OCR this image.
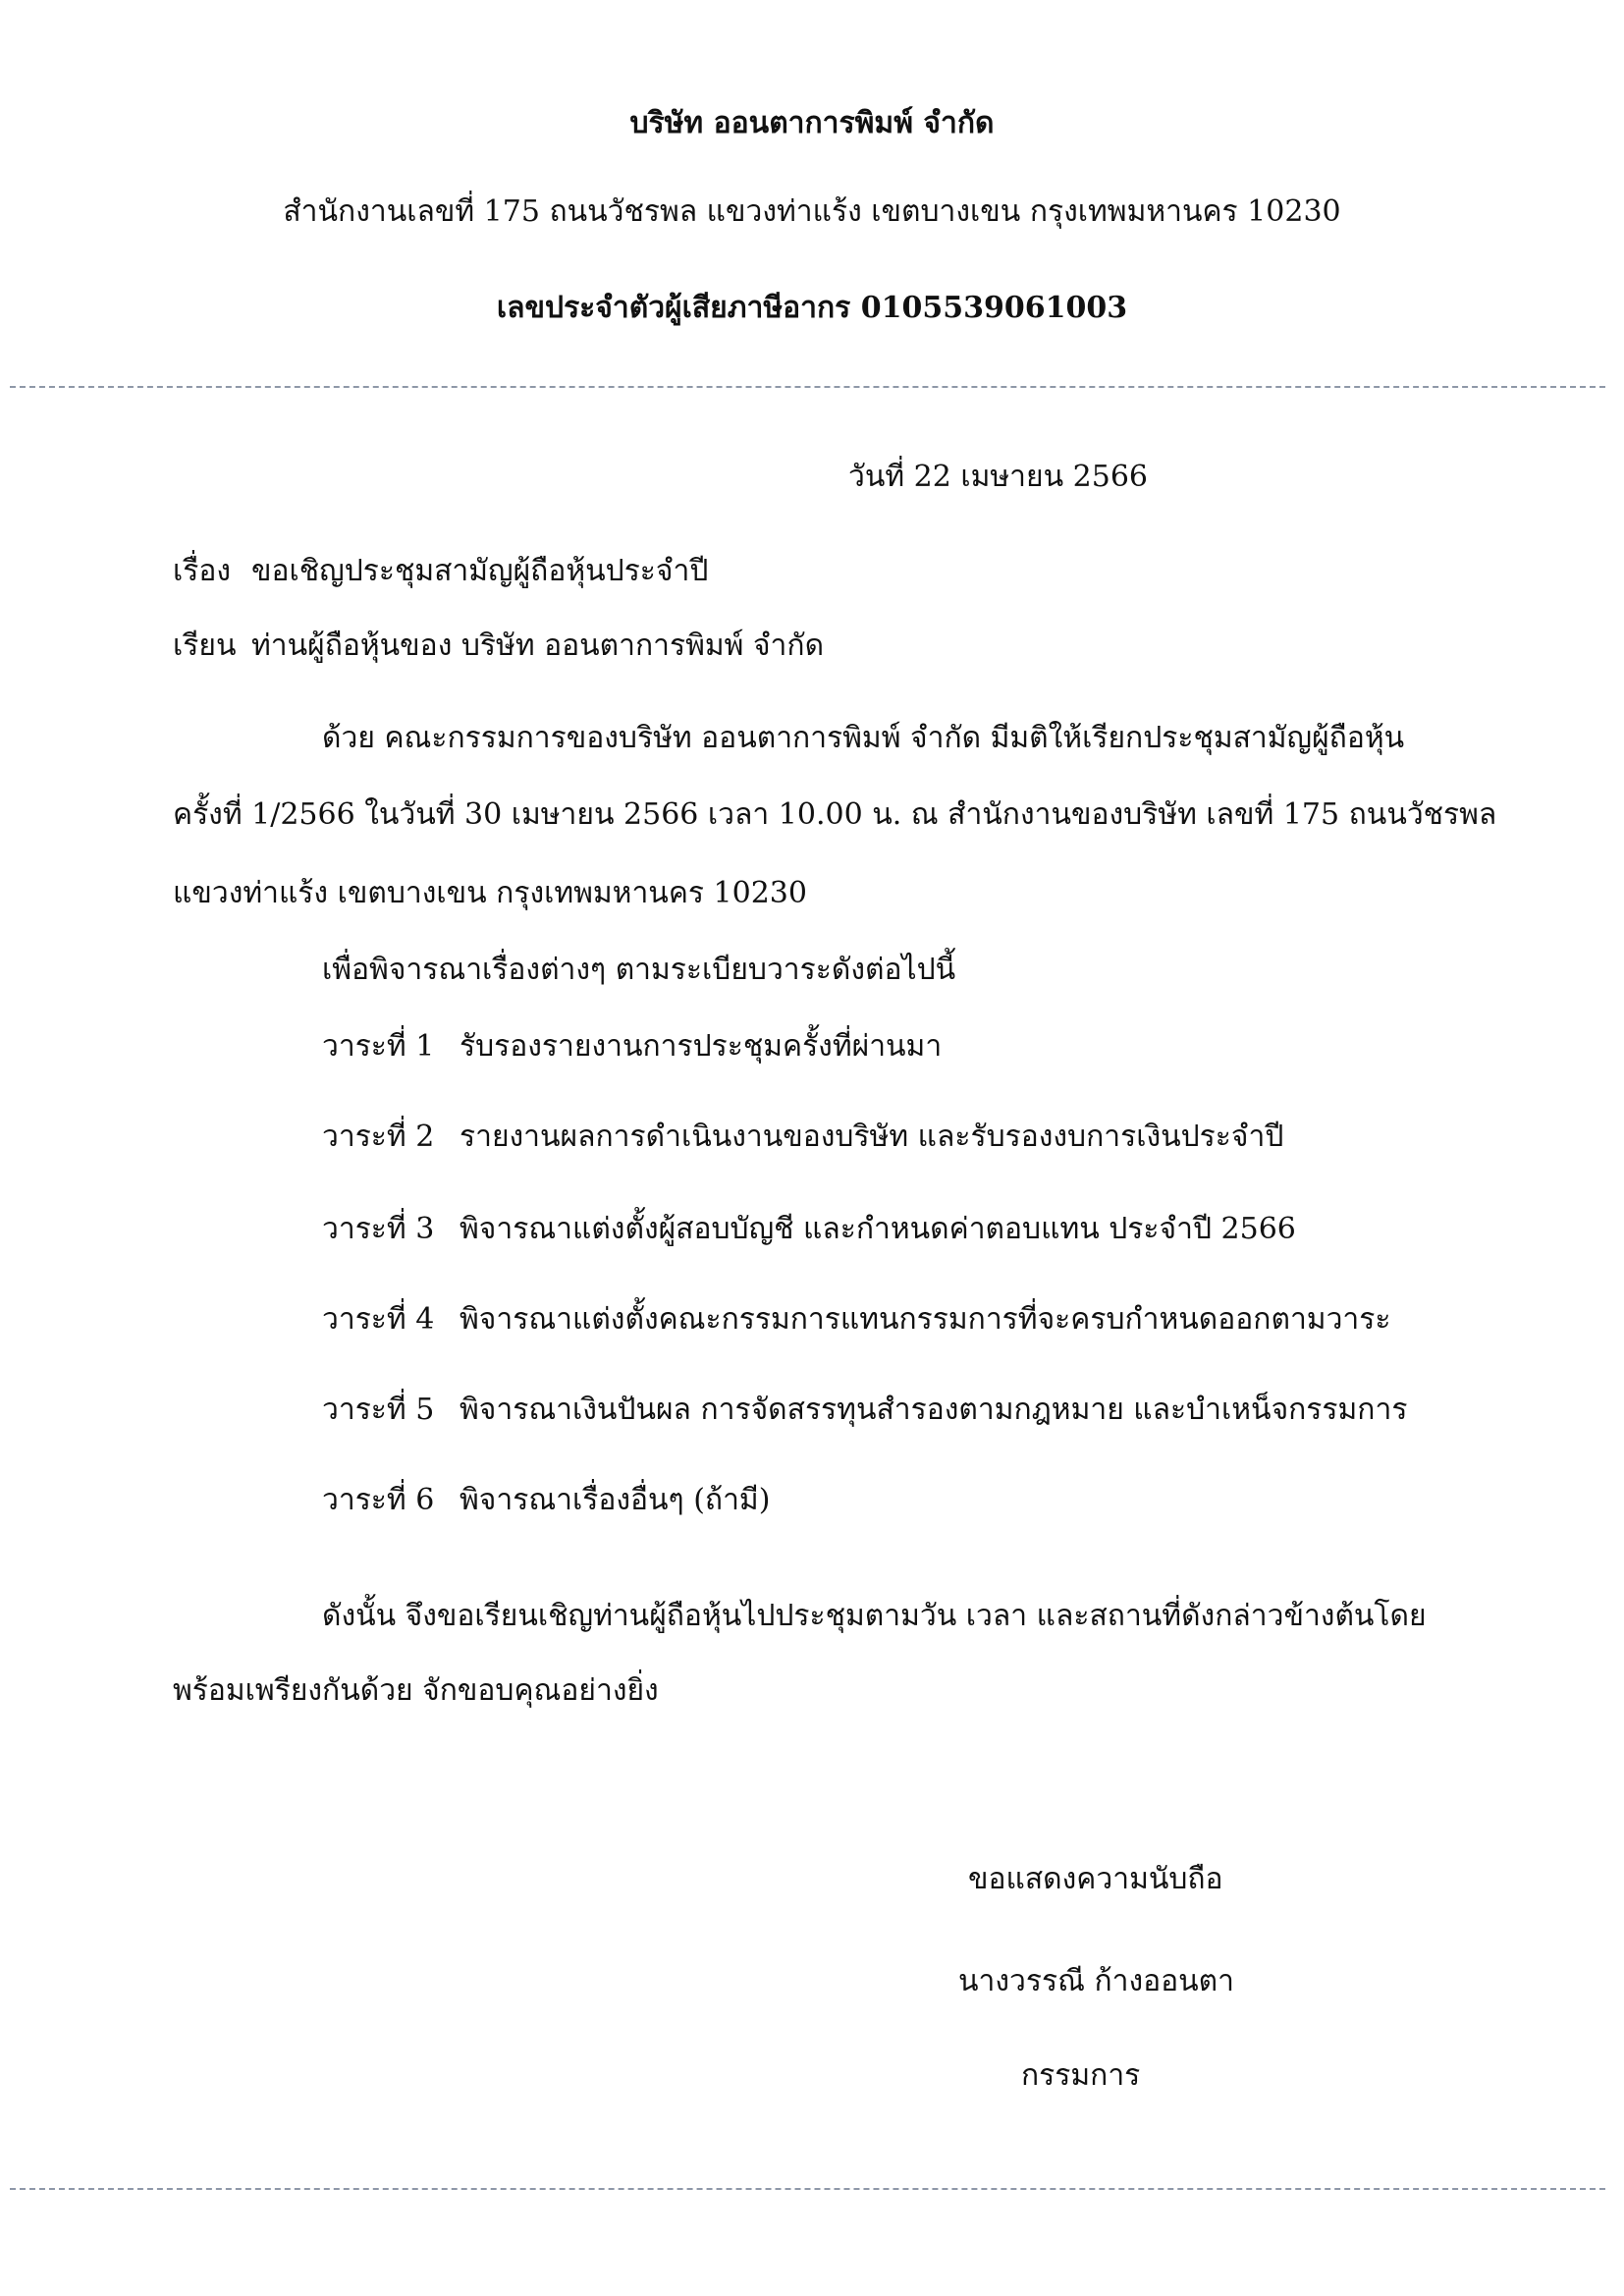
บริษัท ออนตาการพิมพ์ จำกัด
สำนักงานเลขที่ 175 ถนนวัชรพล แขวงท่าแร้ง เขตบางเขน กรุงเทพมหานคร 10230
เลขประจำตัวผู้เสียภาษีอากร 0105539061003
วันที่ 22 เมษายน 2566
เรื่อง ขอเชิญประชุมสามัญผู้ถือหุ้นประจำปี
เรียน ท่านผู้ถือหุ้นของ บริษัท ออนตาการพิมพ์ จำกัด
ด้วย คณะกรรมการของบริษัท ออนตาการพิมพ์ จำกัด มีมติให้เรียกประชุมสามัญผู้ถือหุ้น
ครั้งที่ 1/2566 ในวันที่ 30 เมษายน 2566 เวลา 10.00 น. ณ สำนักงานของบริษัท เลขที่ 175 ถนนวัชรพล
แขวงท่าแร้ง เขตบางเขน กรุงเทพมหานคร 10230
เพื่อพิจารณาเรื่องต่างๆ ตามระเบียบวาระดังต่อไปนี้
วาระที่ 1 รับรองรายงานการประชุมครั้งที่ผ่านมา
วาระที่ 2 รายงานผลการดำเนินงานของบริษัท และรับรองงบการเงินประจำปี
วาระที่ 3 พิจารณาแต่งตั้งผู้สอบบัญชี และกำหนดค่าตอบแทน ประจำปี 2566
วาระที่ 4 พิจารณาแต่งตั้งคณะกรรมการแทนกรรมการที่จะครบกำหนดออกตามวาระ
วาระที่ 5 พิจารณาเงินปันผล การจัดสรรทุนสำรองตามกฎหมาย และบำเหน็จกรรมการ
วาระที่ 6 พิจารณาเรื่องอื่นๆ (ถ้ามี)
ดังนั้น จึงขอเรียนเชิญท่านผู้ถือหุ้นไปประชุมตามวัน เวลา และสถานที่ดังกล่าวข้างต้นโดย
พร้อมเพรียงกันด้วย จักขอบคุณอย่างยิ่ง
ขอแสดงความนับถือ
นางวรรณี ก้างออนตา
กรรมการ
